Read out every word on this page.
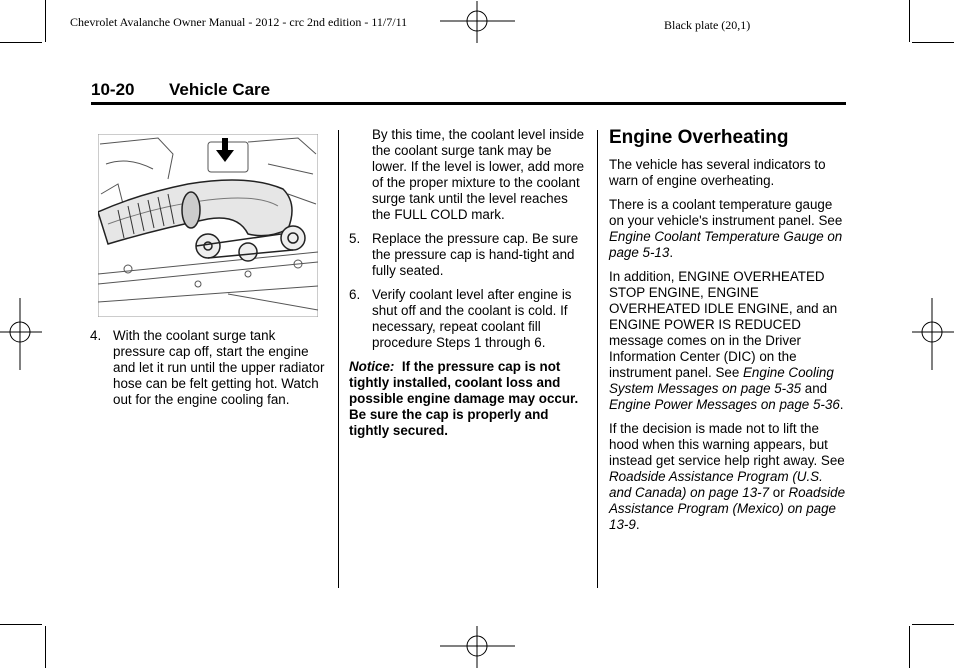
Chevrolet Avalanche Owner Manual - 2012 - crc 2nd edition - 11/7/11	Black plate (20,1)
10-20 Vehicle Care
4. With the coolant surge tank pressure cap off, start the engine and let it run until the upper radiator hose can be felt getting hot. Watch out for the engine cooling fan.

By this time, the coolant level inside the coolant surge tank may be lower. If the level is lower, add more of the proper mixture to the coolant surge tank until the level reaches the FULL COLD mark.

5. Replace the pressure cap. Be sure the pressure cap is hand-tight and fully seated.
6. Verify coolant level after engine is shut off and the coolant is cold. If necessary, repeat coolant fill procedure Steps 1 through 6.

Notice: If the pressure cap is not tightly installed, coolant loss and possible engine damage may occur. Be sure the cap is properly and tightly secured.

Engine Overheating

The vehicle has several indicators to warn of engine overheating.

There is a coolant temperature gauge on your vehicle's instrument panel. See Engine Coolant Temperature Gauge on page 5‑13.

In addition, ENGINE OVERHEATED STOP ENGINE, ENGINE OVERHEATED IDLE ENGINE, and an ENGINE POWER IS REDUCED message comes on in the Driver Information Center (DIC) on the instrument panel. See Engine Cooling System Messages on page 5‑35 and Engine Power Messages on page 5‑36.

If the decision is made not to lift the hood when this warning appears, but instead get service help right away. See Roadside Assistance Program (U.S. and Canada) on page 13‑7 or Roadside Assistance Program (Mexico) on page 13‑9.
